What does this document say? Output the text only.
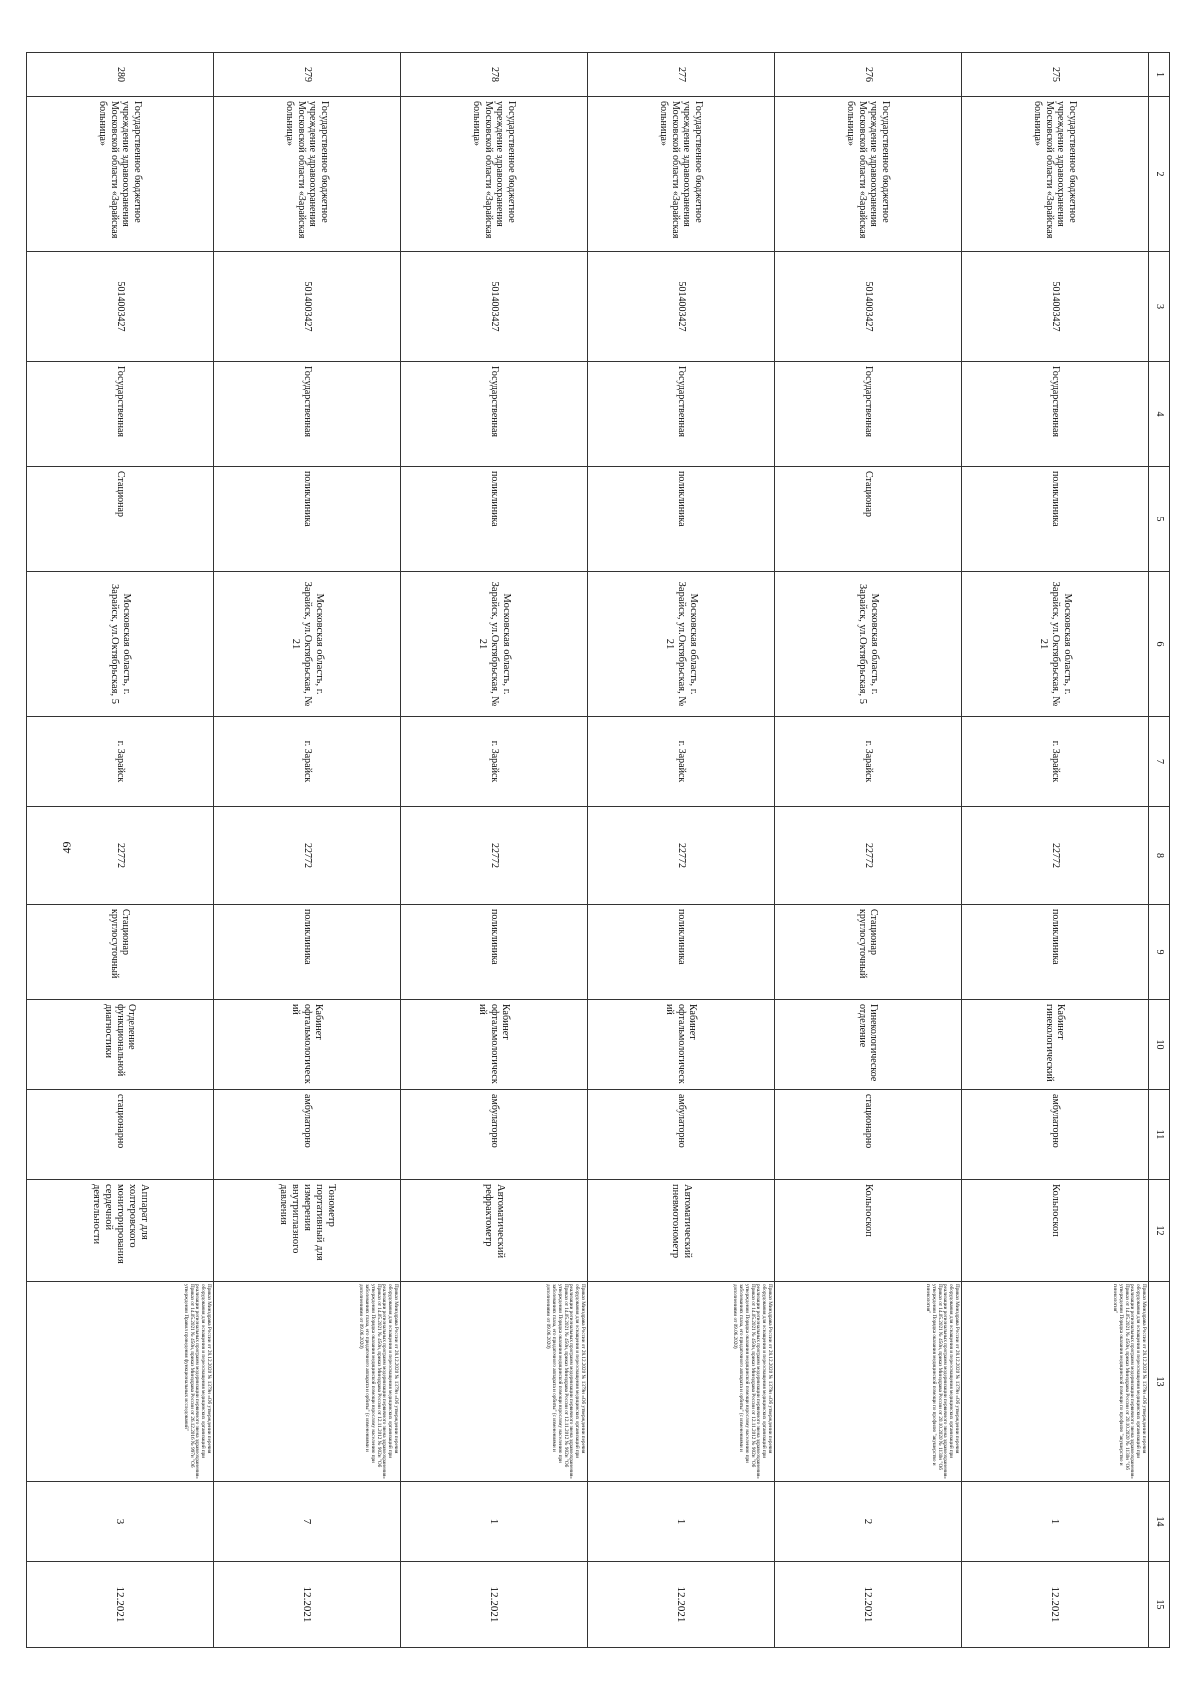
49
1	2	3	4	5	6	7	8	9	10	11	12	13	14	15
275	Государственное бюджетное учреждение здравоохранения Московской области «Зарайская больница»	5014003427	Государственная	поликлиника	Московская область, г. Зарайск, ул.Октябрьская, № 21	г. Зарайск	22772	поликлиника	Кабинет гинекологический	амбулаторно	Кольпоскоп	Приказ Минздрава России от 28.12.2020 № 1379н «Об утверждении перечня оборудования для оснащения и переоснащения медицинских организаций при реализации региональных программ модернизации первичного звена здравоохранения» Приказ от 14.05.2021 № 450н, приказ Минздрава России от 20.10.2020 № 1130н "Об утверждении Порядка оказания медицинской помощи по профилю "акушерство и гинекология"	1	12.2021
276	Государственное бюджетное учреждение здравоохранения Московской области «Зарайская больница»	5014003427	Государственная	Стационар	Московская область, г. Зарайск, ул.Октябрьская, 5	г. Зарайск	22772	Стационар круглосуточный	Гинекологическое отделение	стационарно	Кольпоскоп	Приказ Минздрава России от 28.12.2020 № 1379н «Об утверждении перечня оборудования для оснащения и переоснащения медицинских организаций при реализации региональных программ модернизации первичного звена здравоохранения» Приказ от 14.05.2021 № 450н, приказ Минздрава России от 20.10.2020 № 1130н "Об утверждении Порядка оказания медицинской помощи по профилю "акушерство и гинекология"	2	12.2021
277	Государственное бюджетное учреждение здравоохранения Московской области «Зарайская больница»	5014003427	Государственная	поликлиника	Московская область, г. Зарайск, ул.Октябрьская, № 21	г. Зарайск	22772	поликлиника	Кабинет офтальмологический	амбулаторно	Автоматический пневмотонометр	Приказ Минздрава России от 28.12.2020 № 1379н «Об утверждении перечня оборудования для оснащения и переоснащения медицинских организаций при реализации региональных программ модернизации первичного звена здравоохранения» Приказ от 14.05.2021 № 450н, приказ Минздрава России от 12.11.2012 № 902н "Об утверждении Порядка оказания медицинской помощи взрослому населению при заболеваниях глаза, его придаточного аппарата и орбиты" (с изменениями и дополнениями от 09.06.2020)	1	12.2021
278	Государственное бюджетное учреждение здравоохранения Московской области «Зарайская больница»	5014003427	Государственная	поликлиника	Московская область, г. Зарайск, ул.Октябрьская, № 21	г. Зарайск	22772	поликлиника	Кабинет офтальмологический	амбулаторно	Автоматический рефрактометр	Приказ Минздрава России от 28.12.2020 № 1379н «Об утверждении перечня оборудования для оснащения и переоснащения медицинских организаций при реализации региональных программ модернизации первичного звена здравоохранения» Приказ от 14.05.2021 № 450н, приказ Минздрава России от 12.11.2012 № 902н "Об утверждении Порядка оказания медицинской помощи взрослому населению при заболеваниях глаза, его придаточного аппарата и орбиты" (с изменениями и дополнениями от 09.06.2020)	1	12.2021
279	Государственное бюджетное учреждение здравоохранения Московской области «Зарайская больница»	5014003427	Государственная	поликлиника	Московская область, г. Зарайск, ул.Октябрьская, № 21	г. Зарайск	22772	поликлиника	Кабинет офтальмологический	амбулаторно	Тонометр портативный для измерения внутриглазного давления	Приказ Минздрава России от 28.12.2020 № 1379н «Об утверждении перечня оборудования для оснащения и переоснащения медицинских организаций при реализации региональных программ модернизации первичного звена здравоохранения» Приказ от 14.05.2021 № 450н, приказ Минздрава России от 12.11.2012 № 902н "Об утверждении Порядка оказания медицинской помощи взрослому населению при заболеваниях глаза, его придаточного аппарата и орбиты" (с изменениями и дополнениями от 09.06.2020)	7	12.2021
280	Государственное бюджетное учреждение здравоохранения Московской области «Зарайская больница»	5014003427	Государственная	Стационар	Московская область, г. Зарайск, ул.Октябрьская, 5	г. Зарайск	22772	Стационар круглосуточный	Отделение функциональной диагностики	стационарно	Аппарат для холтеровского мониторирования сердечной деятельности	Приказ Минздрава России от 28.12.2020 № 1379н «Об утверждении перечня оборудования для оснащения и переоснащения медицинских организаций при реализации региональных программ модернизации первичного звена здравоохранения» Приказ от 14.05.2021 № 450н, приказ Минздрава России от 26.12.2016 № 997н "Об утверждении Правил проведения функциональных исследований"	3	12.2021
